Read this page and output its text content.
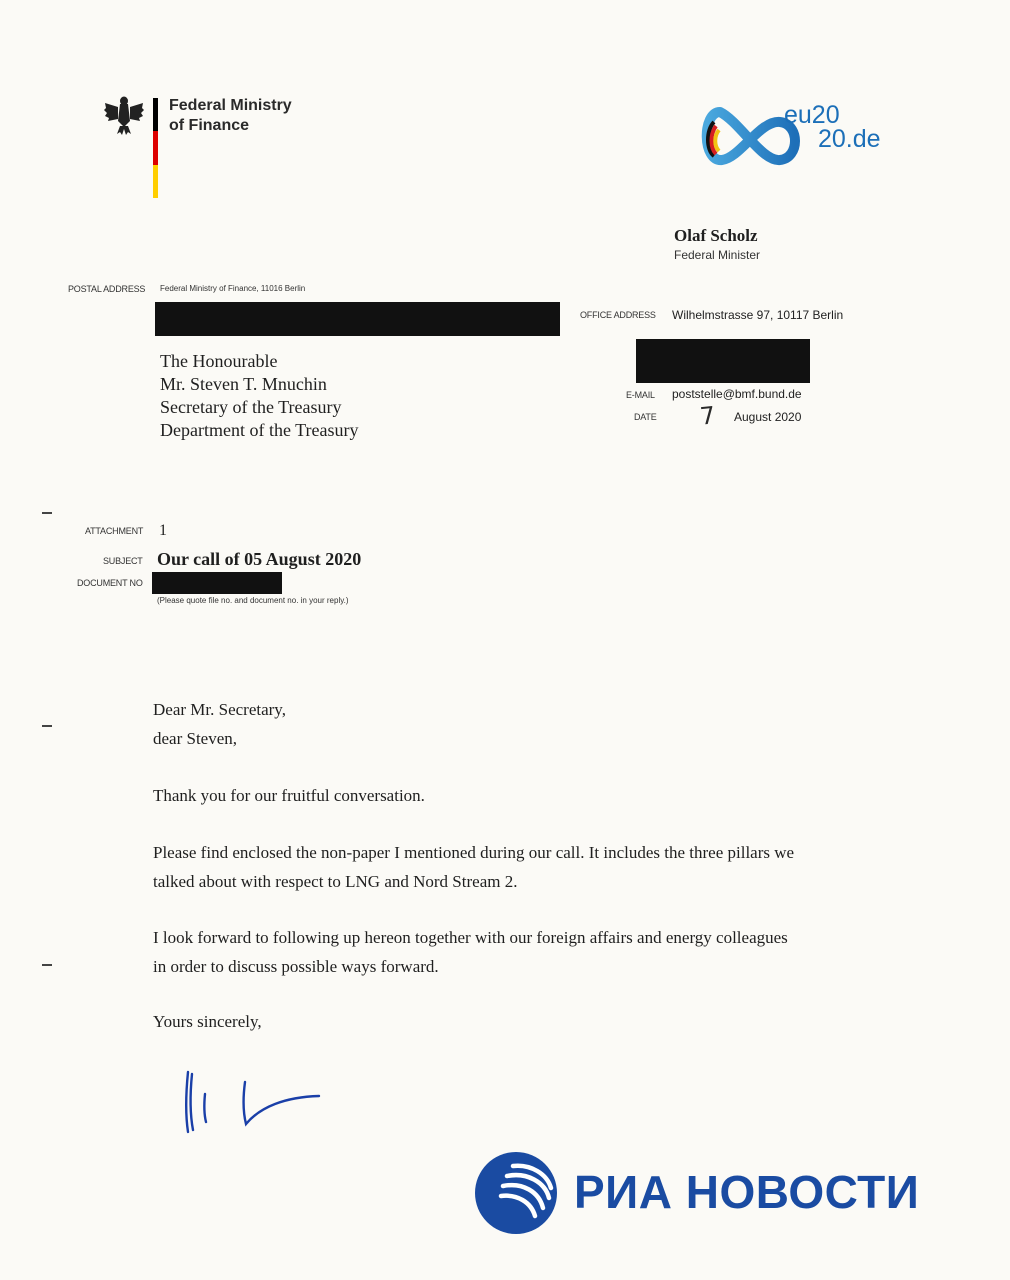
Federal Ministry
of Finance	eu20
20.de
Olaf Scholz
Federal Minister
POSTAL ADDRESS Federal Ministry of Finance, 11016 Berlin
OFFICE ADDRESS Wilhelmstrasse 97, 10117 Berlin
E-MAIL poststelle@bmf.bund.de
DATE 7 August 2020
The Honourable
Mr. Steven T. Mnuchin
Secretary of the Treasury
Department of the Treasury
ATTACHMENT 1
SUBJECT Our call of 05 August 2020
DOCUMENT NO
(Please quote file no. and document no. in your reply.)
Dear Mr. Secretary,
dear Steven,
Thank you for our fruitful conversation.
Please find enclosed the non-paper I mentioned during our call. It includes the three pillars we
talked about with respect to LNG and Nord Stream 2.
I look forward to following up hereon together with our foreign affairs and energy colleagues
in order to discuss possible ways forward.
Yours sincerely,
РИА НОВОСТИ
